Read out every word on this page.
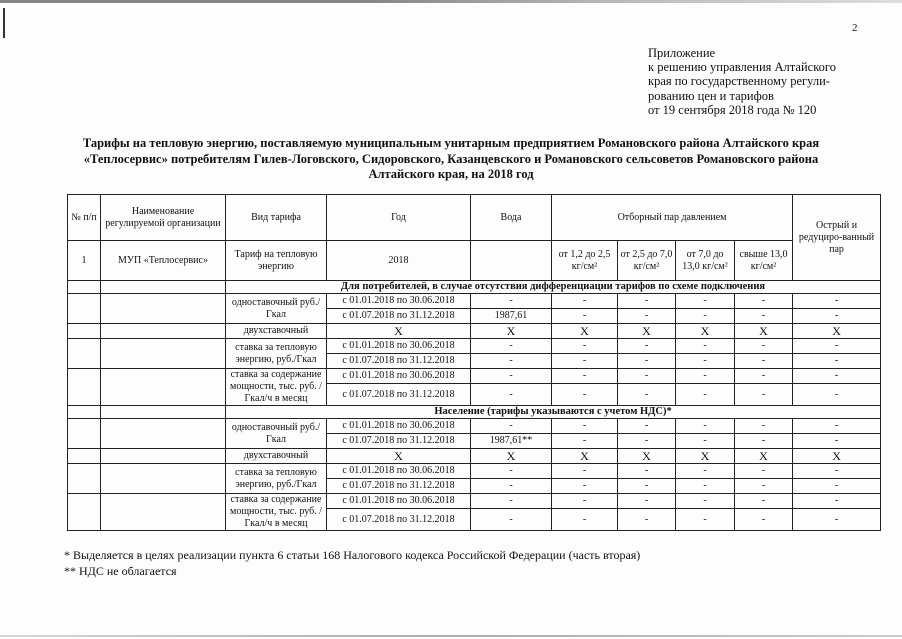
2
Приложение
к решению управления Алтайского
края по государственному регули-
рованию цен и тарифов
от 19 сентября 2018 года № 120
Тарифы на тепловую энергию, поставляемую муниципальным унитарным предприятием Романовского района Алтайского края
«Теплосервис» потребителям Гилев-Логовского, Сидоровского, Казанцевского и Романовского сельсоветов Романовского района
Алтайского края, на 2018 год
№ п/п	Наименование регулируемой организации	Вид тарифа	Год	Вода	Отборный пар давлением				Острый и редуциро-ванный пар
1	МУП «Теплосервис»	Тариф на тепловую энергию	2018		от 1,2 до 2,5 кг/см²	от 2,5 до 7,0 кг/см²	от 7,0 до 13,0 кг/см²	свыше 13,0 кг/см²	
		Для потребителей, в случае отсутствия дифференциации тарифов по схеме подключения							
		одноставочный руб./Гкал	с 01.01.2018 по 30.06.2018	-	-	-	-	-	-
			с 01.07.2018 по 31.12.2018	1987,61	-	-	-	-	-
		двухставочный	X	X	X	X	X	X	X
		ставка за тепловую энергию, руб./Гкал	с 01.01.2018 по 30.06.2018	-	-	-	-	-	-
			с 01.07.2018 по 31.12.2018	-	-	-	-	-	-
		ставка за содержание мощности, тыс. руб. /Гкал/ч в месяц	с 01.01.2018 по 30.06.2018	-	-	-	-	-	-
			с 01.07.2018 по 31.12.2018	-	-	-	-	-	-
		Население (тарифы указываются с учетом НДС)*							
		одноставочный руб./Гкал	с 01.01.2018 по 30.06.2018	-	-	-	-	-	-
			с 01.07.2018 по 31.12.2018	1987,61**	-	-	-	-	-
		двухставочный	X	X	X	X	X	X	X
		ставка за тепловую энергию, руб./Гкал	с 01.01.2018 по 30.06.2018	-	-	-	-	-	-
			с 01.07.2018 по 31.12.2018	-	-	-	-	-	-
		ставка за содержание мощности, тыс. руб. /Гкал/ч в месяц	с 01.01.2018 по 30.06.2018	-	-	-	-	-	-
			с 01.07.2018 по 31.12.2018	-	-	-	-	-	-
* Выделяется в целях реализации пункта 6 статьи 168 Налогового кодекса Российской Федерации (часть вторая)
** НДС не облагается
